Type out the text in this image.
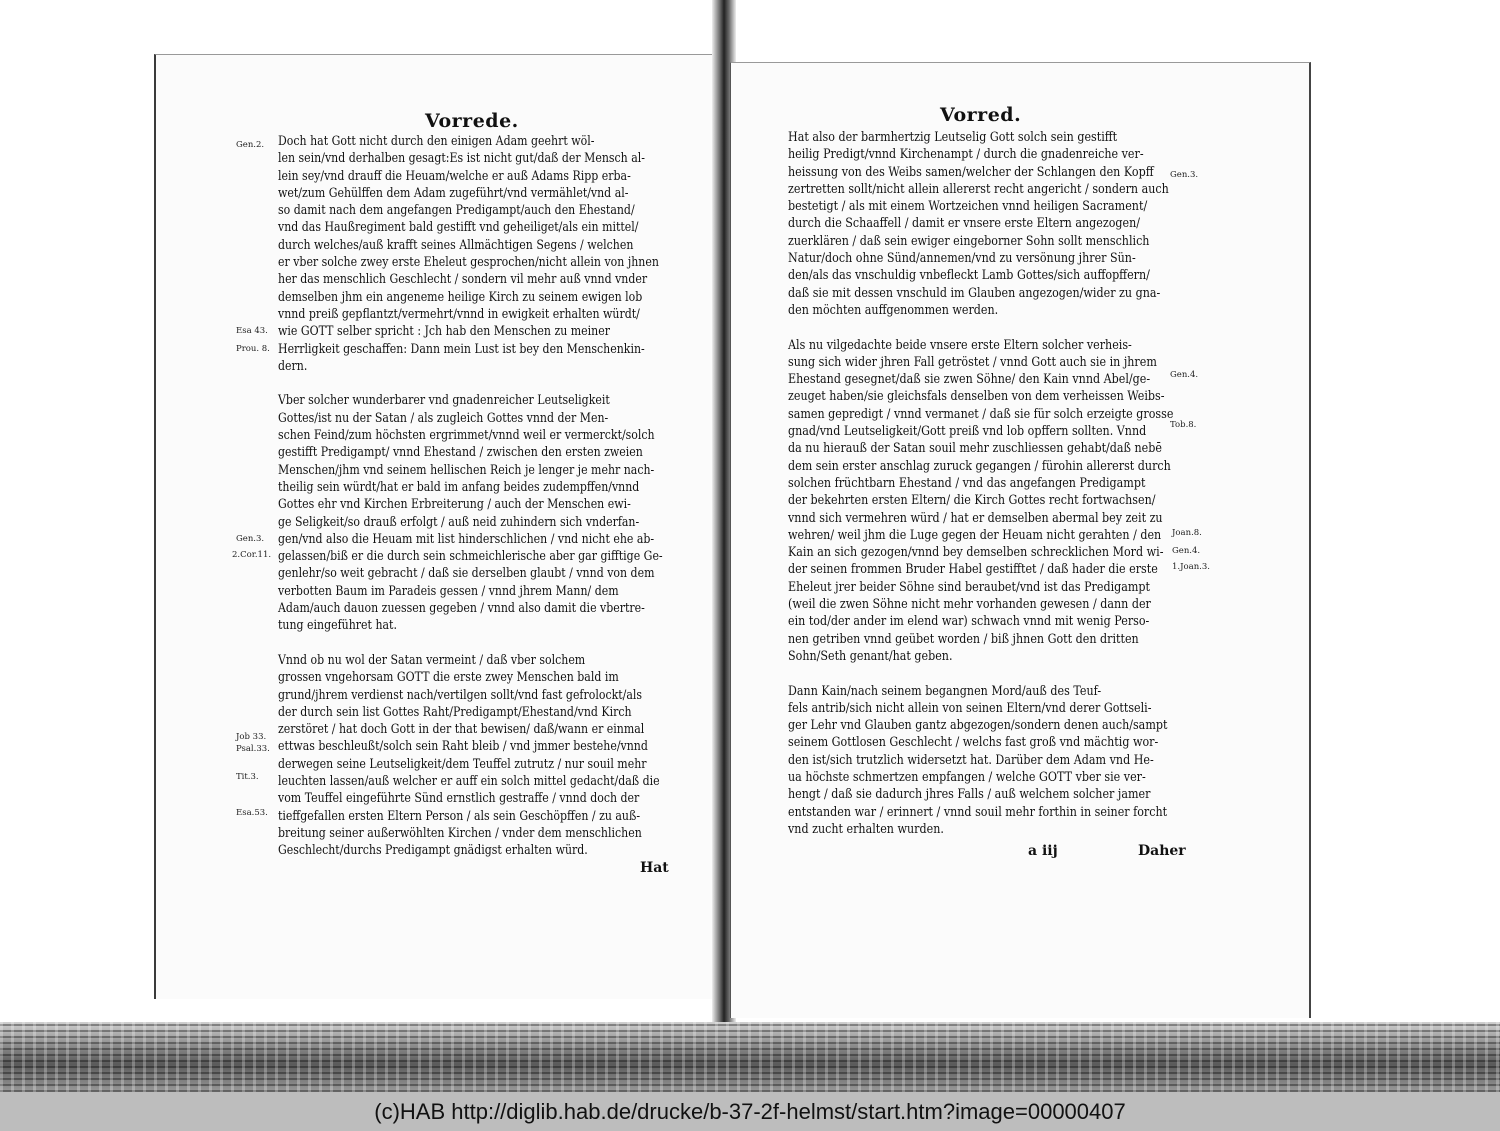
Vorrede.
Doch hat Gott nicht durch den einigen Adam geehrt wöl-
len sein/vnd derhalben gesagt:Es ist nicht gut/daß der Mensch al-
lein sey/vnd drauff die Heuam/welche er auß Adams Ripp erba-
wet/zum Gehülffen dem Adam zugeführt/vnd vermählet/vnd al-
so damit nach dem angefangen Predigampt/auch den Ehestand/
vnd das Haußregiment bald gestifft vnd geheiliget/als ein mittel/
durch welches/auß krafft seines Allmächtigen Segens / welchen
er vber solche zwey erste Eheleut gesprochen/nicht allein von jhnen
her das menschlich Geschlecht / sondern vil mehr auß vnnd vnder
demselben jhm ein angeneme heilige Kirch zu seinem ewigen lob
vnnd preiß gepflantzt/vermehrt/vnnd in ewigkeit erhalten würdt/
wie GOTT selber spricht : Jch hab den Menschen zu meiner
Herrligkeit geschaffen: Dann mein Lust ist bey den Menschenkin-
dern.
Vber solcher wunderbarer vnd gnadenreicher Leutseligkeit
Gottes/ist nu der Satan / als zugleich Gottes vnnd der Men-
schen Feind/zum höchsten ergrimmet/vnnd weil er vermerckt/solch
gestifft Predigampt/ vnnd Ehestand / zwischen den ersten zweien
Menschen/jhm vnd seinem hellischen Reich je lenger je mehr nach-
theilig sein würdt/hat er bald im anfang beides zudempffen/vnnd
Gottes ehr vnd Kirchen Erbreiterung / auch der Menschen ewi-
ge Seligkeit/so drauß erfolgt / auß neid zuhindern sich vnderfan-
gen/vnd also die Heuam mit list hinderschlichen / vnd nicht ehe ab-
gelassen/biß er die durch sein schmeichlerische aber gar gifftige Ge-
genlehr/so weit gebracht / daß sie derselben glaubt / vnnd von dem
verbotten Baum im Paradeis gessen / vnnd jhrem Mann/ dem
Adam/auch dauon zuessen gegeben / vnnd also damit die vbertre-
tung eingeführet hat.
Vnnd ob nu wol der Satan vermeint / daß vber solchem
grossen vngehorsam GOTT die erste zwey Menschen bald im
grund/jhrem verdienst nach/vertilgen sollt/vnd fast gefrolockt/als
der durch sein list Gottes Raht/Predigampt/Ehestand/vnd Kirch
zerstöret / hat doch Gott in der that bewisen/ daß/wann er einmal
ettwas beschleußt/solch sein Raht bleib / vnd jmmer bestehe/vnnd
derwegen seine Leutseligkeit/dem Teuffel zutrutz / nur souil mehr
leuchten lassen/auß welcher er auff ein solch mittel gedacht/daß die
vom Teuffel eingeführte Sünd ernstlich gestraffe / vnnd doch der
tieffgefallen ersten Eltern Person / als sein Geschöpffen / zu auß-
breitung seiner außerwöhlten Kirchen / vnder dem menschlichen
Geschlecht/durchs Predigampt gnädigst erhalten würd.
Gen.2.
Esa 43.
Prou. 8.
Gen.3.
2.Cor.11.
Job 33.
Psal.33.
Tit.3.
Esa.53.
Hat
Vorred.
Hat also der barmhertzig Leutselig Gott solch sein gestifft
heilig Predigt/vnnd Kirchenampt / durch die gnadenreiche ver-
heissung von des Weibs samen/welcher der Schlangen den Kopff
zertretten sollt/nicht allein allererst recht angericht / sondern auch
bestetigt / als mit einem Wortzeichen vnnd heiligen Sacrament/
durch die Schaaffell / damit er vnsere erste Eltern angezogen/
zuerklären / daß sein ewiger eingeborner Sohn sollt menschlich
Natur/doch ohne Sünd/annemen/vnd zu versönung jhrer Sün-
den/als das vnschuldig vnbefleckt Lamb Gottes/sich auffopffern/
daß sie mit dessen vnschuld im Glauben angezogen/wider zu gna-
den möchten auffgenommen werden.
Als nu vilgedachte beide vnsere erste Eltern solcher verheis-
sung sich wider jhren Fall getröstet / vnnd Gott auch sie in jhrem
Ehestand gesegnet/daß sie zwen Söhne/ den Kain vnnd Abel/ge-
zeuget haben/sie gleichsfals denselben von dem verheissen Weibs-
samen gepredigt / vnnd vermanet / daß sie für solch erzeigte grosse
gnad/vnd Leutseligkeit/Gott preiß vnd lob opffern sollten. Vnnd
da nu hierauß der Satan souil mehr zuschliessen gehabt/daß nebē
dem sein erster anschlag zuruck gegangen / fürohin allererst durch
solchen früchtbarn Ehestand / vnd das angefangen Predigampt
der bekehrten ersten Eltern/ die Kirch Gottes recht fortwachsen/
vnnd sich vermehren würd / hat er demselben abermal bey zeit zu
wehren/ weil jhm die Luge gegen der Heuam nicht gerahten / den
Kain an sich gezogen/vnnd bey demselben schrecklichen Mord wi-
der seinen frommen Bruder Habel gestifftet / daß hader die erste
Eheleut jrer beider Söhne sind beraubet/vnd ist das Predigampt
(weil die zwen Söhne nicht mehr vorhanden gewesen / dann der
ein tod/der ander im elend war) schwach vnnd mit wenig Perso-
nen getriben vnnd geübet worden / biß jhnen Gott den dritten
Sohn/Seth genant/hat geben.
Dann Kain/nach seinem begangnen Mord/auß des Teuf-
fels antrib/sich nicht allein von seinen Eltern/vnd derer Gottseli-
ger Lehr vnd Glauben gantz abgezogen/sondern denen auch/sampt
seinem Gottlosen Geschlecht / welchs fast groß vnd mächtig wor-
den ist/sich trutzlich widersetzt hat. Darüber dem Adam vnd He-
ua höchste schmertzen empfangen / welche GOTT vber sie ver-
hengt / daß sie dadurch jhres Falls / auß welchem solcher jamer
entstanden war / erinnert / vnnd souil mehr forthin in seiner forcht
vnd zucht erhalten wurden.
Gen.3.
Gen.4.
Tob.8.
Joan.8.
Gen.4.
1.Joan.3.
a iij	Daher
(c)HAB http://diglib.hab.de/drucke/b-37-2f-helmst/start.htm?image=00000407
